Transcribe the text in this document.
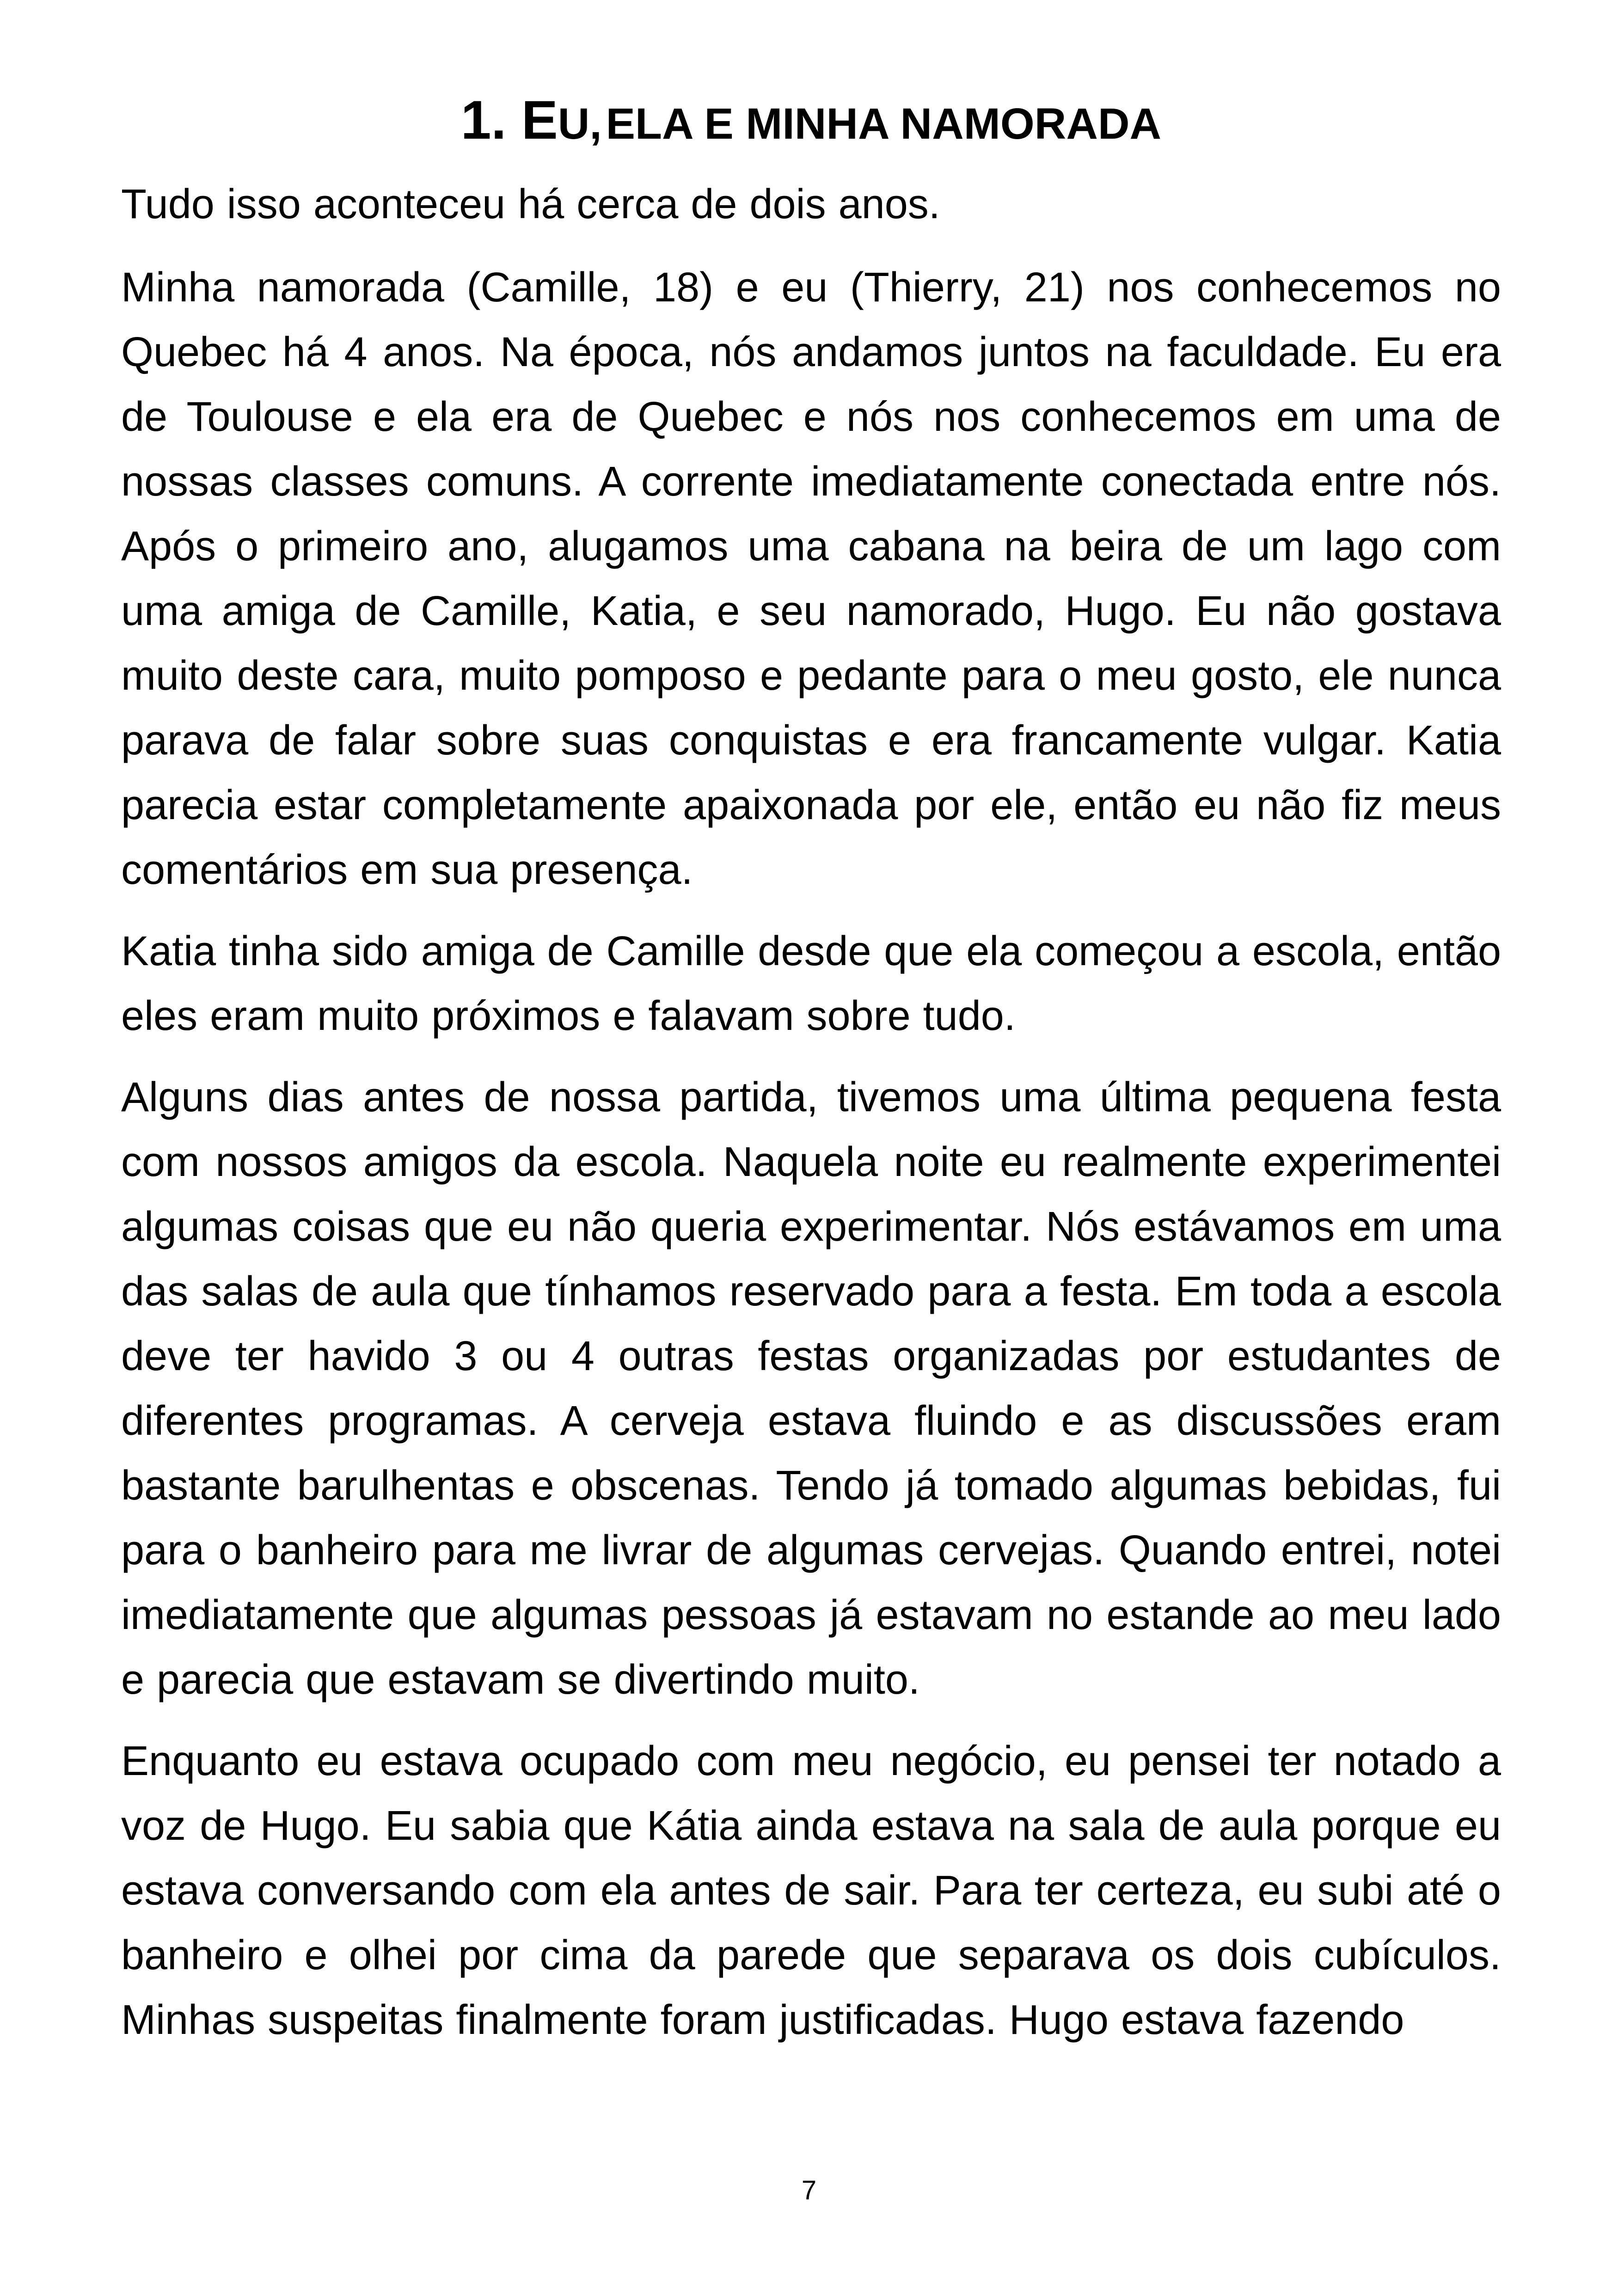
1. EU, ELA E MINHA NAMORADA

Tudo isso aconteceu há cerca de dois anos.

Minha namorada (Camille, 18) e eu (Thierry, 21) nos conhecemos no Quebec há 4 anos. Na época, nós andamos juntos na faculdade. Eu era de Toulouse e ela era de Quebec e nós nos conhecemos em uma de nossas classes comuns. A corrente imediatamente conectada entre nós. Após o primeiro ano, alugamos uma cabana na beira de um lago com uma amiga de Camille, Katia, e seu namorado, Hugo. Eu não gostava muito deste cara, muito pomposo e pedante para o meu gosto, ele nunca parava de falar sobre suas conquistas e era francamente vulgar. Katia parecia estar completamente apaixonada por ele, então eu não fiz meus comentários em sua presença.

Katia tinha sido amiga de Camille desde que ela começou a escola, então eles eram muito próximos e falavam sobre tudo.

Alguns dias antes de nossa partida, tivemos uma última pequena festa com nossos amigos da escola. Naquela noite eu realmente experimentei algumas coisas que eu não queria experimentar. Nós estávamos em uma das salas de aula que tínhamos reservado para a festa. Em toda a escola deve ter havido 3 ou 4 outras festas organizadas por estudantes de diferentes programas. A cerveja estava fluindo e as discussões eram bastante barulhentas e obscenas. Tendo já tomado algumas bebidas, fui para o banheiro para me livrar de algumas cervejas. Quando entrei, notei imediatamente que algumas pessoas já estavam no estande ao meu lado e parecia que estavam se divertindo muito.

Enquanto eu estava ocupado com meu negócio, eu pensei ter notado a voz de Hugo. Eu sabia que Kátia ainda estava na sala de aula porque eu estava conversando com ela antes de sair. Para ter certeza, eu subi até o banheiro e olhei por cima da parede que separava os dois cubículos. Minhas suspeitas finalmente foram justificadas. Hugo estava fazendo

7
